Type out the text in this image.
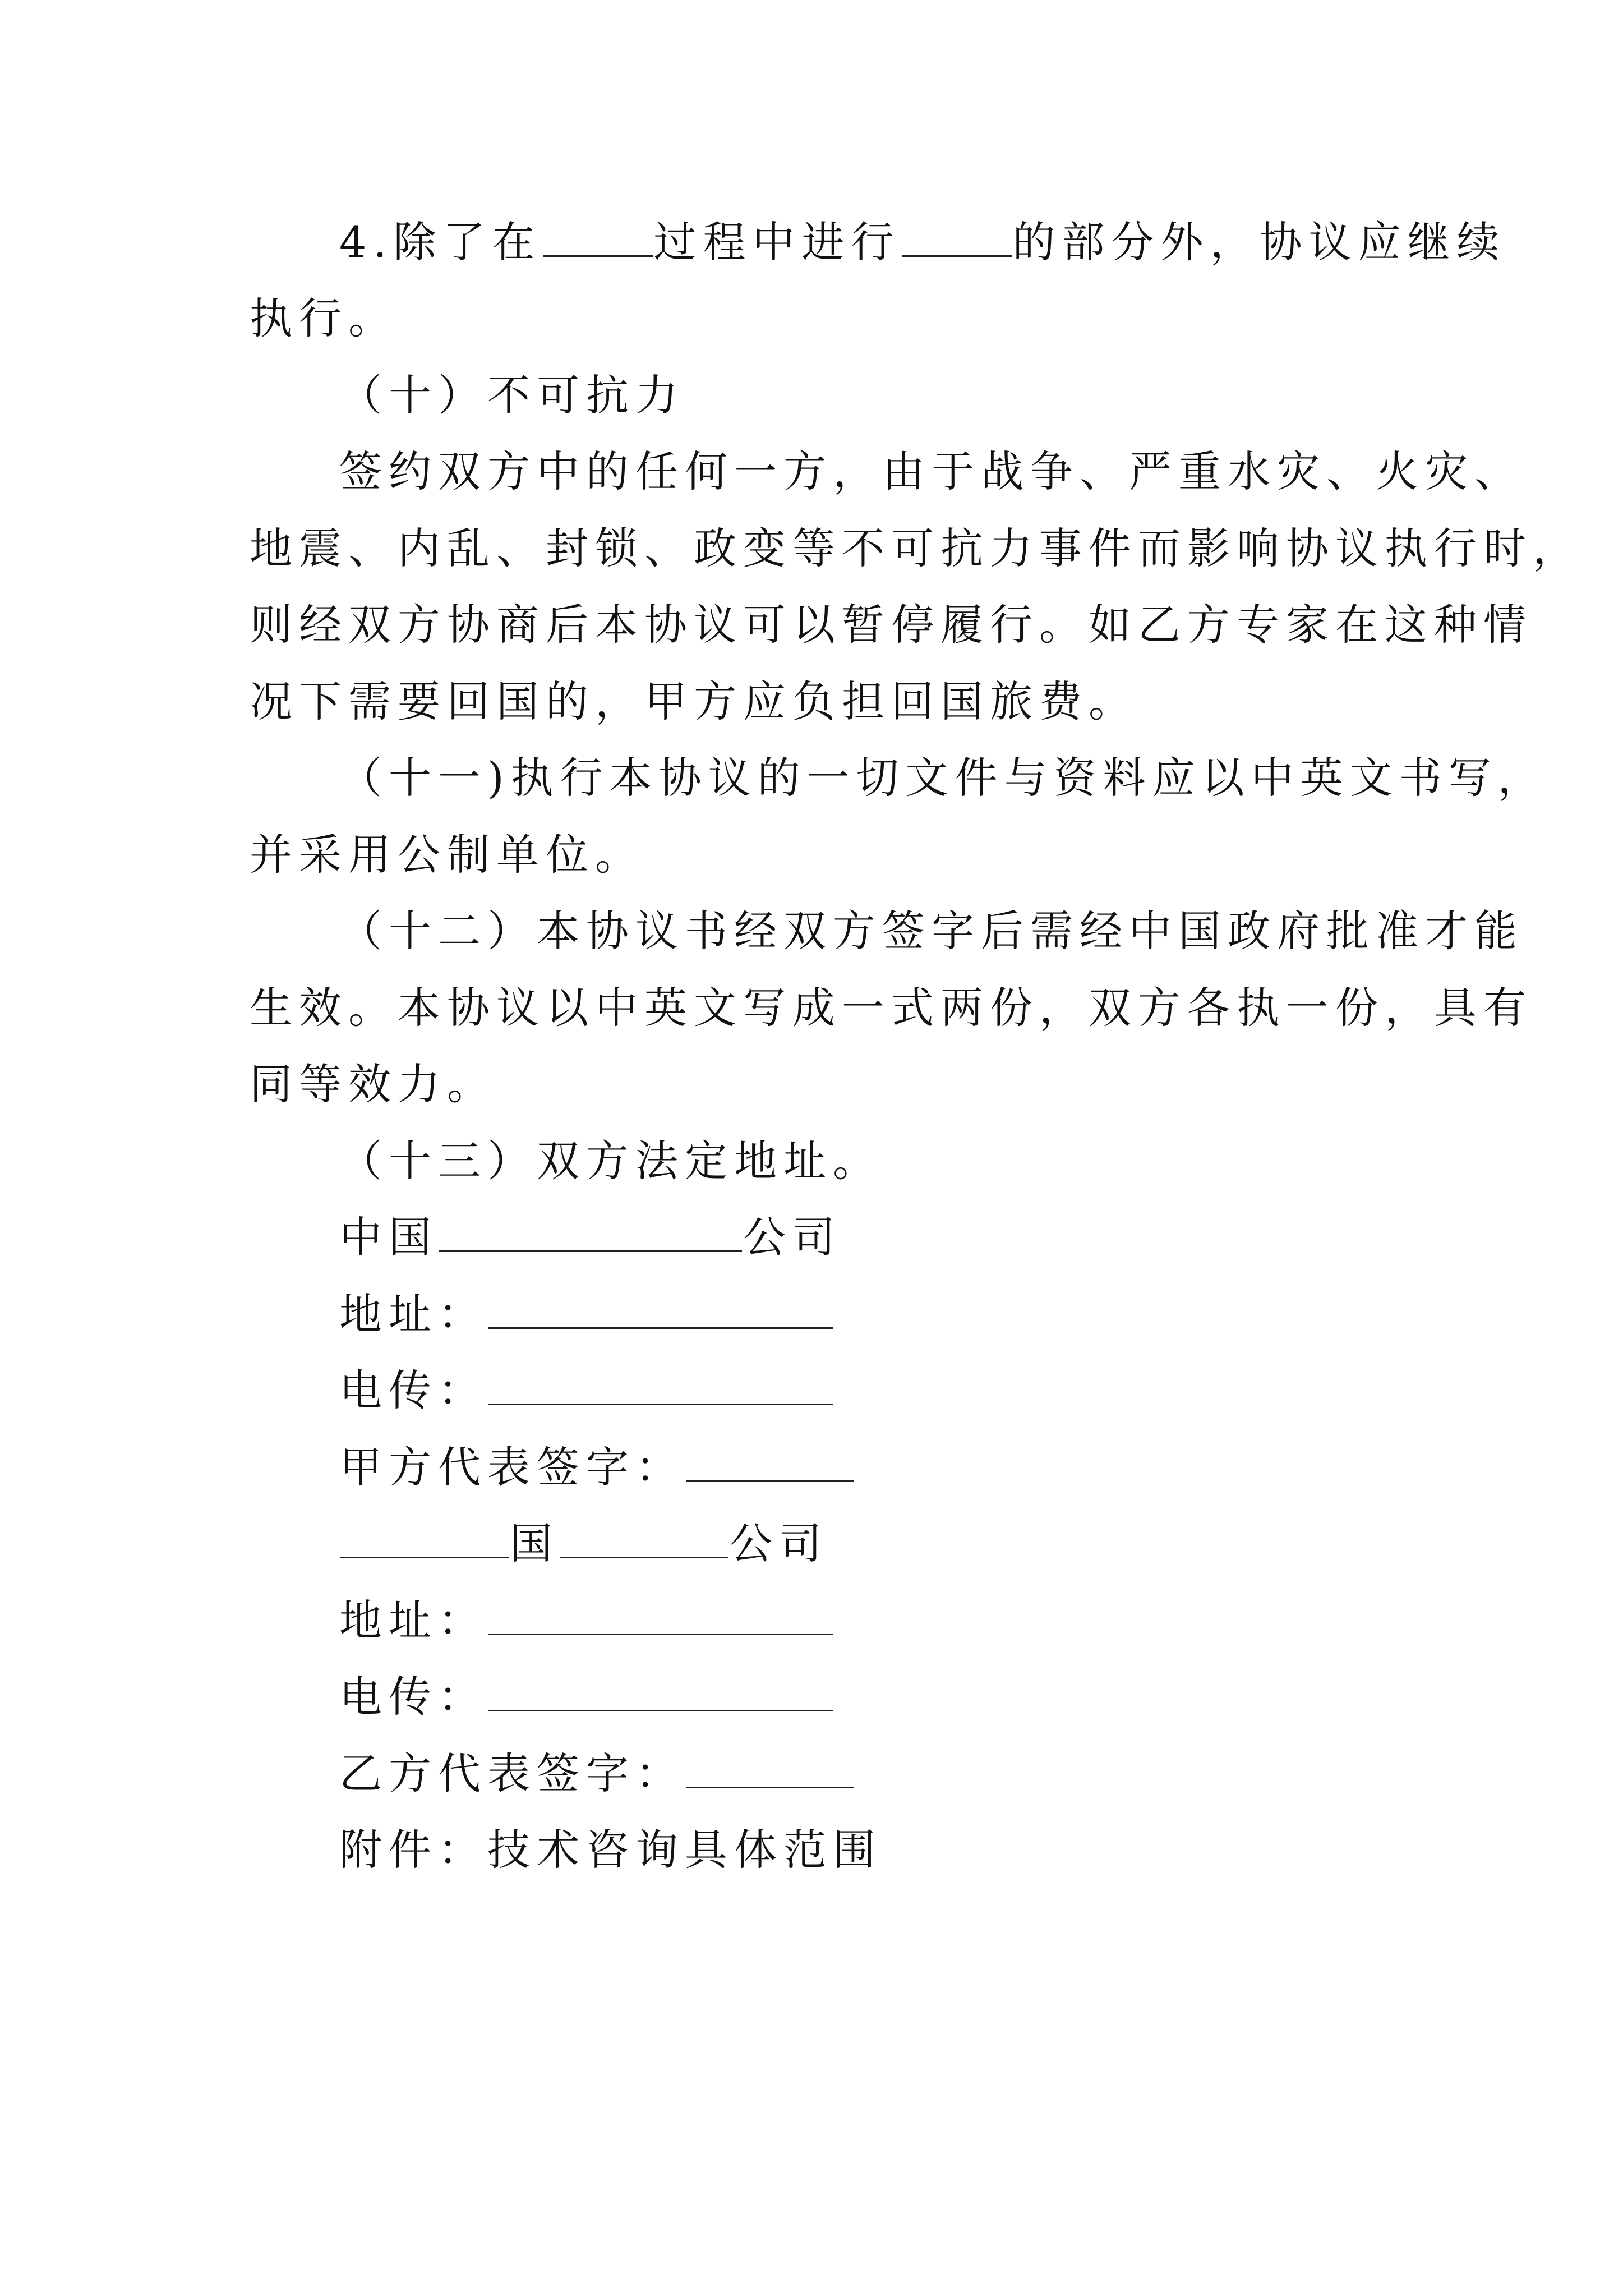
4.除了在	过程中进行	的部分外，协议应继续
执行。
（十）不可抗力
签约双方中的任何一方，由于战争、严重水灾、火灾、
地震、内乱、封锁、政变等不可抗力事件而影响协议执行时，
则经双方协商后本协议可以暂停履行。如乙方专家在这种情
况下需要回国的，甲方应负担回国旅费。
（十一)执行本协议的一切文件与资料应以中英文书写，
并采用公制单位。
（十二）本协议书经双方签字后需经中国政府批准才能
生效。本协议以中英文写成一式两份，双方各执一份，具有
同等效力。
（十三）双方法定地址。
中国	公司
地址：
电传：
甲方代表签字：
国	公司
地址：
电传：
乙方代表签字：
附件：技术咨询具体范围
